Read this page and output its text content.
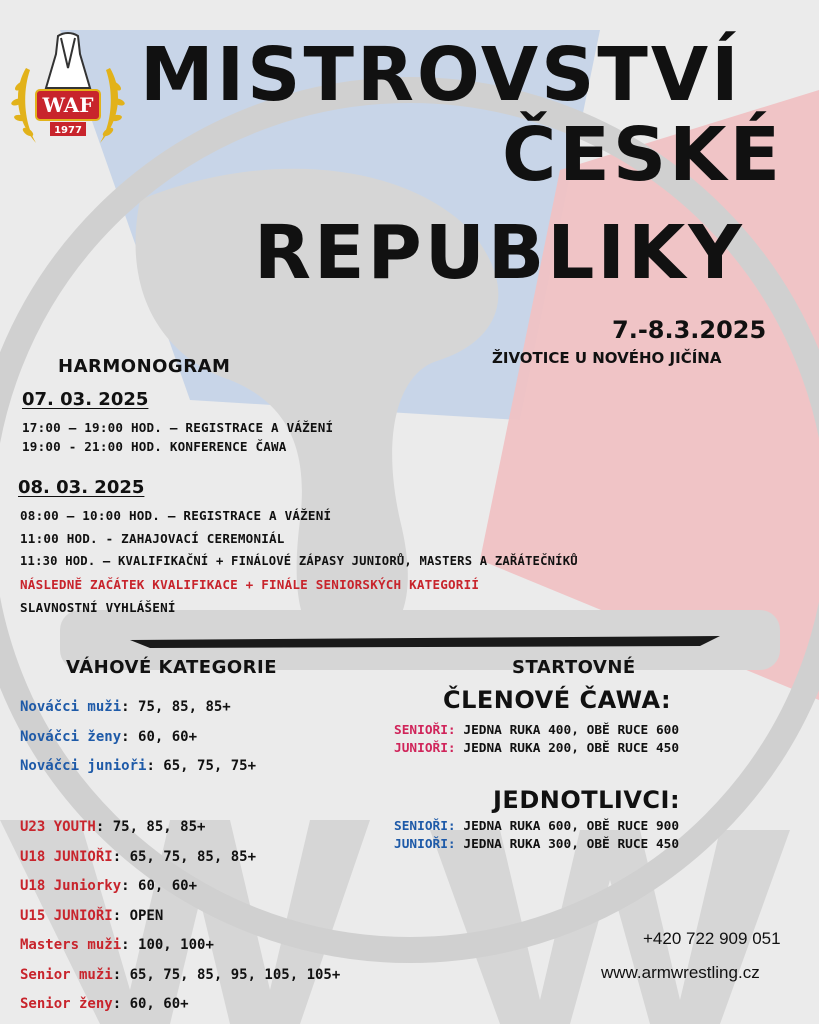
WAF
1977
MISTROVSTVÍ
ČESKÉ
REPUBLIKY
7.-8.3.2025
ŽIVOTICE U NOVÉHO JIČÍNA
HARMONOGRAM
07. 03. 2025
17:00 – 19:00 HOD. – REGISTRACE A VÁŽENÍ
19:00 - 21:00 HOD. KONFERENCE ČAWA
08. 03. 2025
08:00 – 10:00 HOD. – REGISTRACE A VÁŽENÍ
11:00 HOD. - ZAHAJOVACÍ CEREMONIÁL
11:30 HOD. – KVALIFIKAČNÍ + FINÁLOVÉ ZÁPASY JUNIORŮ, MASTERS A ZAŘÁTEČNÍKŮ
NÁSLEDNĚ ZAČÁTEK KVALIFIKACE + FINÁLE SENIORSKÝCH KATEGORIÍ
SLAVNOSTNÍ VYHLÁŠENÍ
VÁHOVÉ KATEGORIE
Nováčci muži: 75, 85, 85+
Nováčci ženy: 60, 60+
Nováčci junioři: 65, 75, 75+
U23 YOUTH: 75, 85, 85+
U18 JUNIOŘI: 65, 75, 85, 85+
U18 Juniorky: 60, 60+
U15 JUNIOŘI: OPEN
Masters muži: 100, 100+
Senior muži: 65, 75, 85, 95, 105, 105+
Senior ženy: 60, 60+
STARTOVNÉ
ČLENOVÉ ČAWA:
SENIOŘI: JEDNA RUKA 400, OBĚ RUCE 600
JUNIOŘI: JEDNA RUKA 200, OBĚ RUCE 450
JEDNOTLIVCI:
SENIOŘI: JEDNA RUKA 600, OBĚ RUCE 900
JUNIOŘI: JEDNA RUKA 300, OBĚ RUCE 450
+420 722 909 051
www.armwrestling.cz
